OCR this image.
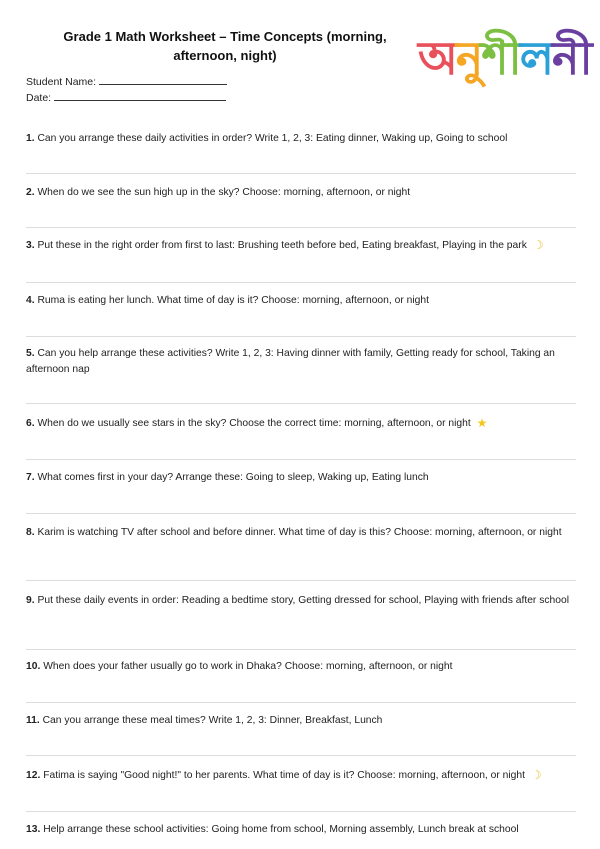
Grade 1 Math Worksheet – Time Concepts (morning, afternoon, night)	অনুশীলনী
Student Name:
Date:
1. Can you arrange these daily activities in order? Write 1, 2, 3: Eating dinner, Waking up, Going to school
2. When do we see the sun high up in the sky? Choose: morning, afternoon, or night
3. Put these in the right order from first to last: Brushing teeth before bed, Eating breakfast, Playing in the park ☽
4. Ruma is eating her lunch. What time of day is it? Choose: morning, afternoon, or night
5. Can you help arrange these activities? Write 1, 2, 3: Having dinner with family, Getting ready for school, Taking an afternoon nap
6. When do we usually see stars in the sky? Choose the correct time: morning, afternoon, or night ★
7. What comes first in your day? Arrange these: Going to sleep, Waking up, Eating lunch
8. Karim is watching TV after school and before dinner. What time of day is this? Choose: morning, afternoon, or night
9. Put these daily events in order: Reading a bedtime story, Getting dressed for school, Playing with friends after school
10. When does your father usually go to work in Dhaka? Choose: morning, afternoon, or night
11. Can you arrange these meal times? Write 1, 2, 3: Dinner, Breakfast, Lunch
12. Fatima is saying "Good night!" to her parents. What time of day is it? Choose: morning, afternoon, or night ☽
13. Help arrange these school activities: Going home from school, Morning assembly, Lunch break at school
